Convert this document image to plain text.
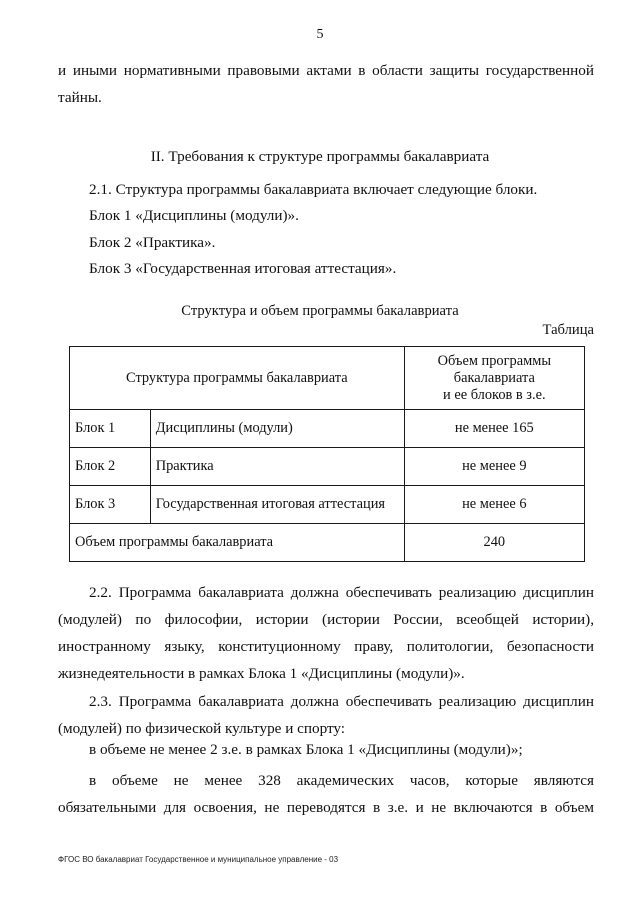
5
и иными нормативными правовыми актами в области защиты государственной
тайны.
II. Требования к структуре программы бакалавриата
2.1. Структура программы бакалавриата включает следующие блоки.
Блок 1 «Дисциплины (модули)».
Блок 2 «Практика».
Блок 3 «Государственная итоговая аттестация».
Структура и объем программы бакалавриата
Таблица
Структура программы бакалавриата		Объем программы
бакалавриата
и ее блоков в з.е.

Блок 1	Дисциплины (модули)	не менее 165
Блок 2	Практика	не менее 9
Блок 3	Государственная итоговая аттестация	не менее 6
Объем программы бакалавриата		240
2.2. Программа бакалавриата должна обеспечивать реализацию дисциплин
(модулей) по философии, истории (истории России, всеобщей истории),
иностранному языку, конституционному праву, политологии, безопасности
жизнедеятельности в рамках Блока 1 «Дисциплины (модули)».
2.3. Программа бакалавриата должна обеспечивать реализацию дисциплин
(модулей) по физической культуре и спорту:
в объеме не менее 2 з.е. в рамках Блока 1 «Дисциплины (модули)»;
в объеме не менее 328 академических часов, которые являются
обязательными для освоения, не переводятся в з.е. и не включаются в объем
ФГОС ВО бакалавриат Государственное и муниципальное управление - 03
